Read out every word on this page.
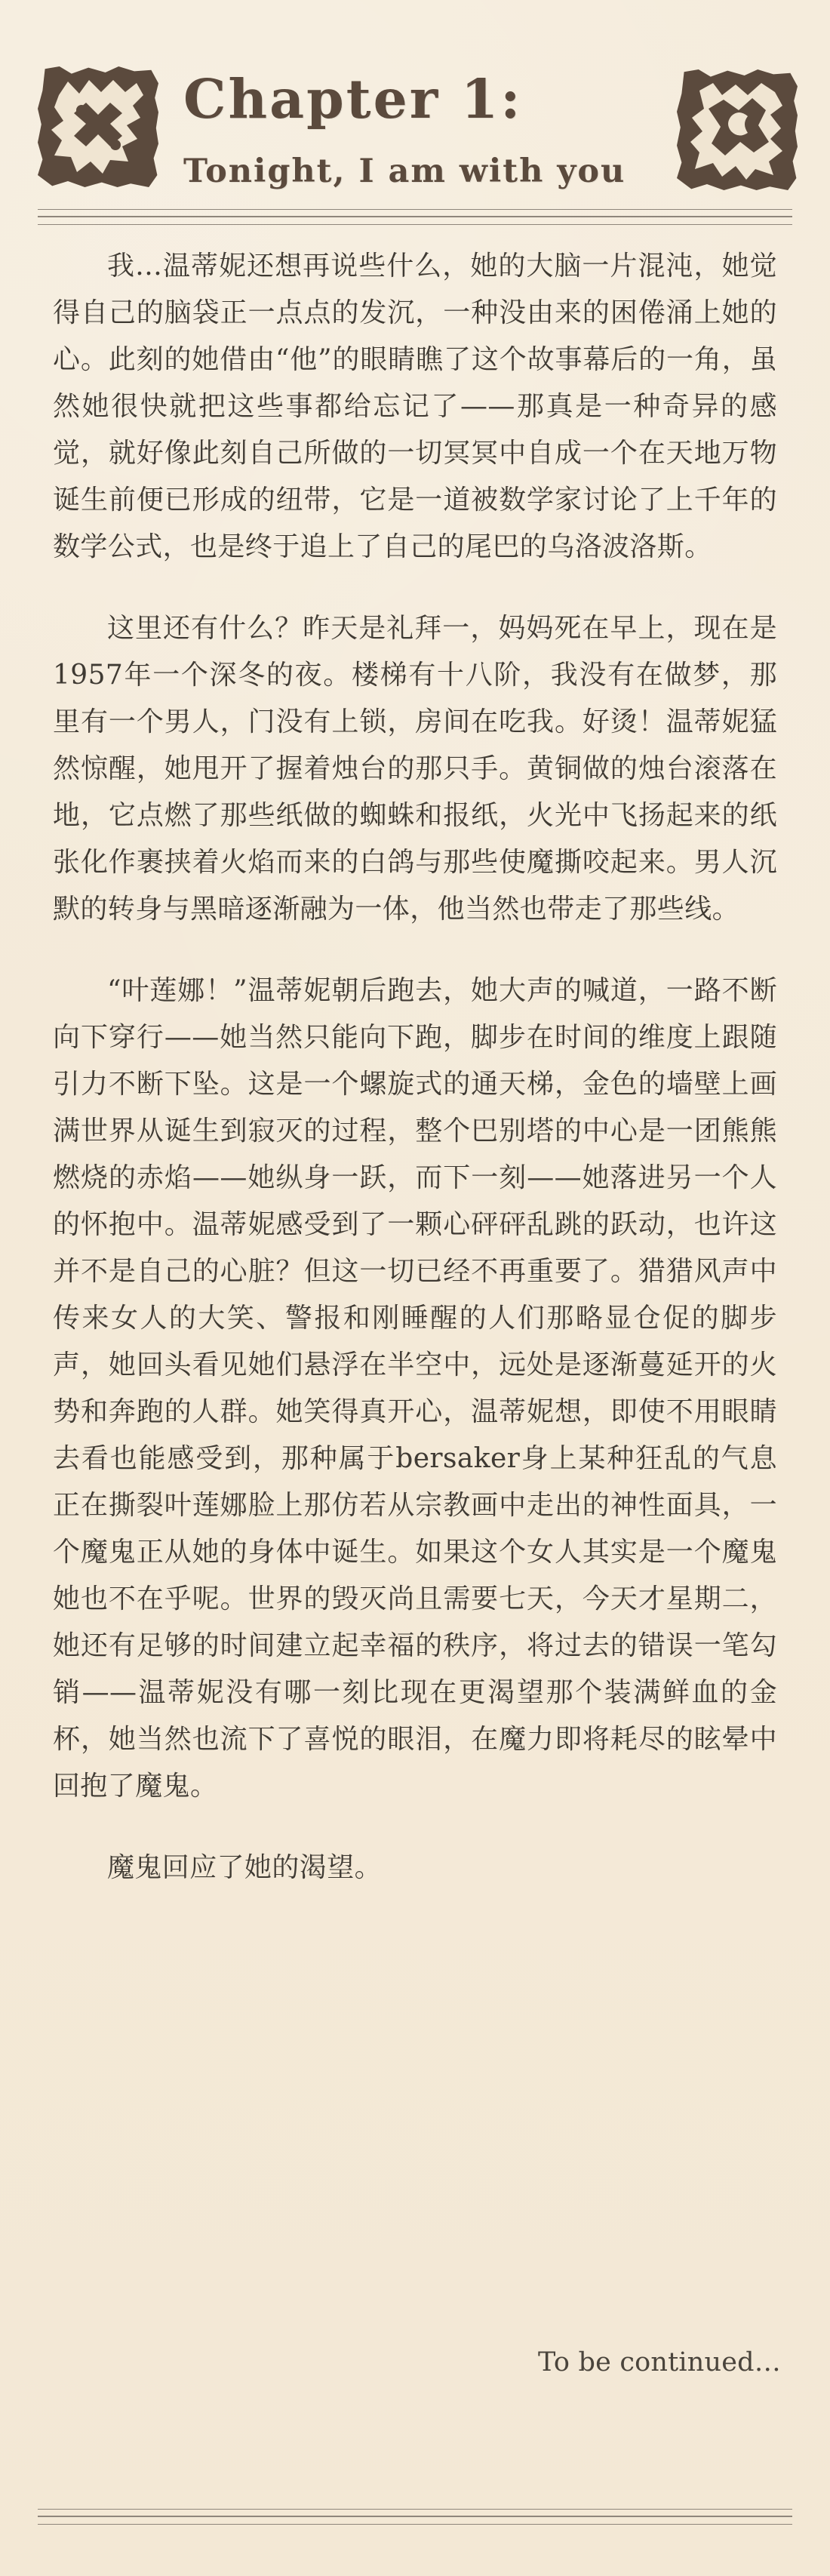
Chapter 1:
Tonight, I am with you

我…温蒂妮还想再说些什么，她的大脑一片混沌，她觉得自己的脑袋正一点点的发沉，一种没由来的困倦涌上她的心。此刻的她借由“他”的眼睛瞧了这个故事幕后的一角，虽然她很快就把这些事都给忘记了——那真是一种奇异的感觉，就好像此刻自己所做的一切冥冥中自成一个在天地万物诞生前便已形成的纽带，它是一道被数学家讨论了上千年的数学公式，也是终于追上了自己的尾巴的乌洛波洛斯。

这里还有什么？昨天是礼拜一，妈妈死在早上，现在是1957年一个深冬的夜。楼梯有十八阶，我没有在做梦，那里有一个男人，门没有上锁，房间在吃我。好烫！温蒂妮猛然惊醒，她甩开了握着烛台的那只手。黄铜做的烛台滚落在地，它点燃了那些纸做的蜘蛛和报纸，火光中飞扬起来的纸张化作裹挟着火焰而来的白鸽与那些使魔撕咬起来。男人沉默的转身与黑暗逐渐融为一体，他当然也带走了那些线。

“叶莲娜！”温蒂妮朝后跑去，她大声的喊道，一路不断向下穿行——她当然只能向下跑，脚步在时间的维度上跟随引力不断下坠。这是一个螺旋式的通天梯，金色的墙壁上画满世界从诞生到寂灭的过程，整个巴别塔的中心是一团熊熊燃烧的赤焰——她纵身一跃，而下一刻——她落进另一个人的怀抱中。温蒂妮感受到了一颗心砰砰乱跳的跃动，也许这并不是自己的心脏？但这一切已经不再重要了。猎猎风声中传来女人的大笑、警报和刚睡醒的人们那略显仓促的脚步声，她回头看见她们悬浮在半空中，远处是逐渐蔓延开的火势和奔跑的人群。她笑得真开心，温蒂妮想，即使不用眼睛去看也能感受到，那种属于bersaker身上某种狂乱的气息正在撕裂叶莲娜脸上那仿若从宗教画中走出的神性面具，一个魔鬼正从她的身体中诞生。如果这个女人其实是一个魔鬼她也不在乎呢。世界的毁灭尚且需要七天，今天才星期二，她还有足够的时间建立起幸福的秩序，将过去的错误一笔勾销——温蒂妮没有哪一刻比现在更渴望那个装满鲜血的金杯，她当然也流下了喜悦的眼泪，在魔力即将耗尽的眩晕中回抱了魔鬼。

魔鬼回应了她的渴望。

To be continued…
